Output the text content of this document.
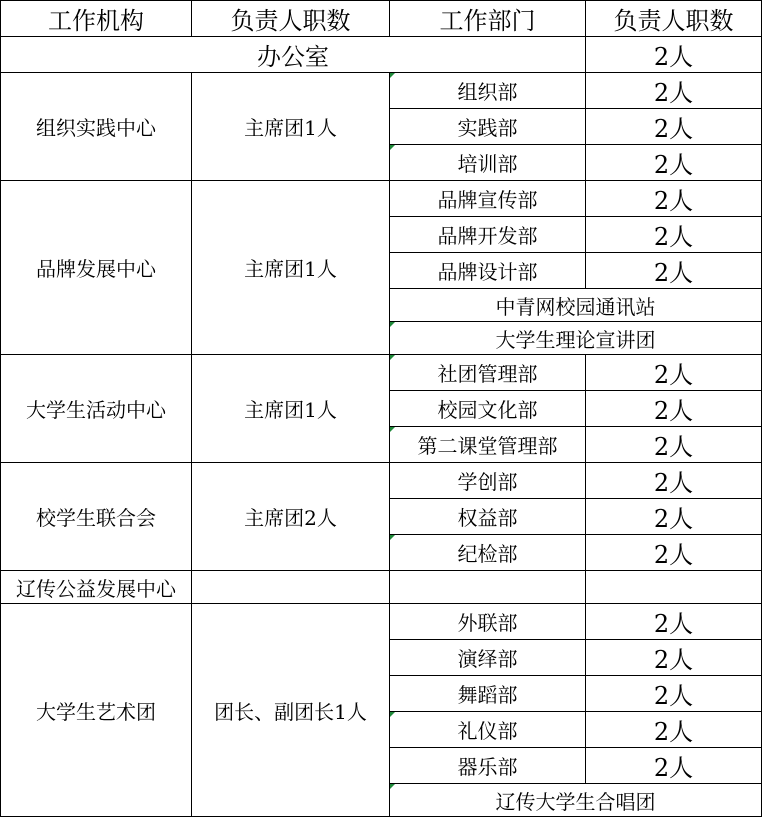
工作机构	负责人职数	工作部门	负责人职数
办公室			2人
组织实践中心	主席团1人	组织部	2人
		实践部	2人
		培训部	2人
品牌发展中心	主席团1人	品牌宣传部	2人
		品牌开发部	2人
		品牌设计部	2人
		中青网校园通讯站	
		大学生理论宣讲团	
大学生活动中心	主席团1人	社团管理部	2人
		校园文化部	2人
		第二课堂管理部	2人
校学生联合会	主席团2人	学创部	2人
		权益部	2人
		纪检部	2人
辽传公益发展中心			
大学生艺术团	团长、副团长1人	外联部	2人
		演绎部	2人
		舞蹈部	2人
		礼仪部	2人
		器乐部	2人
		辽传大学生合唱团	
